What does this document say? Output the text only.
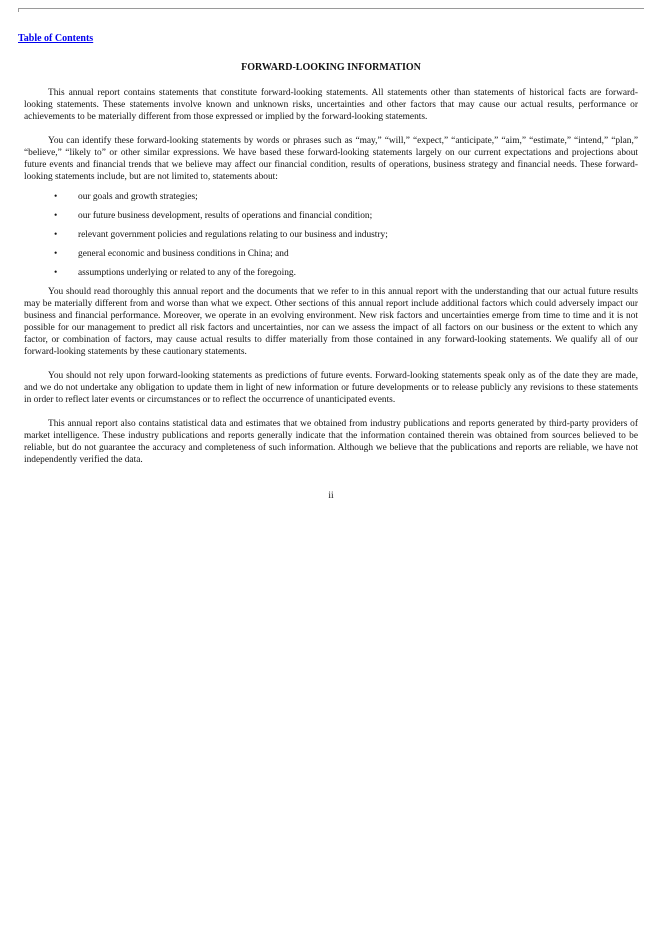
Table of Contents
FORWARD-LOOKING INFORMATION

This annual report contains statements that constitute forward-looking statements. All statements other than statements of historical facts are forward-looking statements. These statements involve known and unknown risks, uncertainties and other factors that may cause our actual results, performance or achievements to be materially different from those expressed or implied by the forward-looking statements.

You can identify these forward-looking statements by words or phrases such as “may,” “will,” “expect,” “anticipate,” “aim,” “estimate,” “intend,” “plan,” “believe,” “likely to” or other similar expressions. We have based these forward-looking statements largely on our current expectations and projections about future events and financial trends that we believe may affect our financial condition, results of operations, business strategy and financial needs. These forward-looking statements include, but are not limited to, statements about:

• our goals and growth strategies;
• our future business development, results of operations and financial condition;
• relevant government policies and regulations relating to our business and industry;
• general economic and business conditions in China; and
• assumptions underlying or related to any of the foregoing.

You should read thoroughly this annual report and the documents that we refer to in this annual report with the understanding that our actual future results may be materially different from and worse than what we expect. Other sections of this annual report include additional factors which could adversely impact our business and financial performance. Moreover, we operate in an evolving environment. New risk factors and uncertainties emerge from time to time and it is not possible for our management to predict all risk factors and uncertainties, nor can we assess the impact of all factors on our business or the extent to which any factor, or combination of factors, may cause actual results to differ materially from those contained in any forward-looking statements. We qualify all of our forward-looking statements by these cautionary statements.

You should not rely upon forward-looking statements as predictions of future events. Forward-looking statements speak only as of the date they are made, and we do not undertake any obligation to update them in light of new information or future developments or to release publicly any revisions to these statements in order to reflect later events or circumstances or to reflect the occurrence of unanticipated events.

This annual report also contains statistical data and estimates that we obtained from industry publications and reports generated by third-party providers of market intelligence. These industry publications and reports generally indicate that the information contained therein was obtained from sources believed to be reliable, but do not guarantee the accuracy and completeness of such information. Although we believe that the publications and reports are reliable, we have not independently verified the data.

ii
